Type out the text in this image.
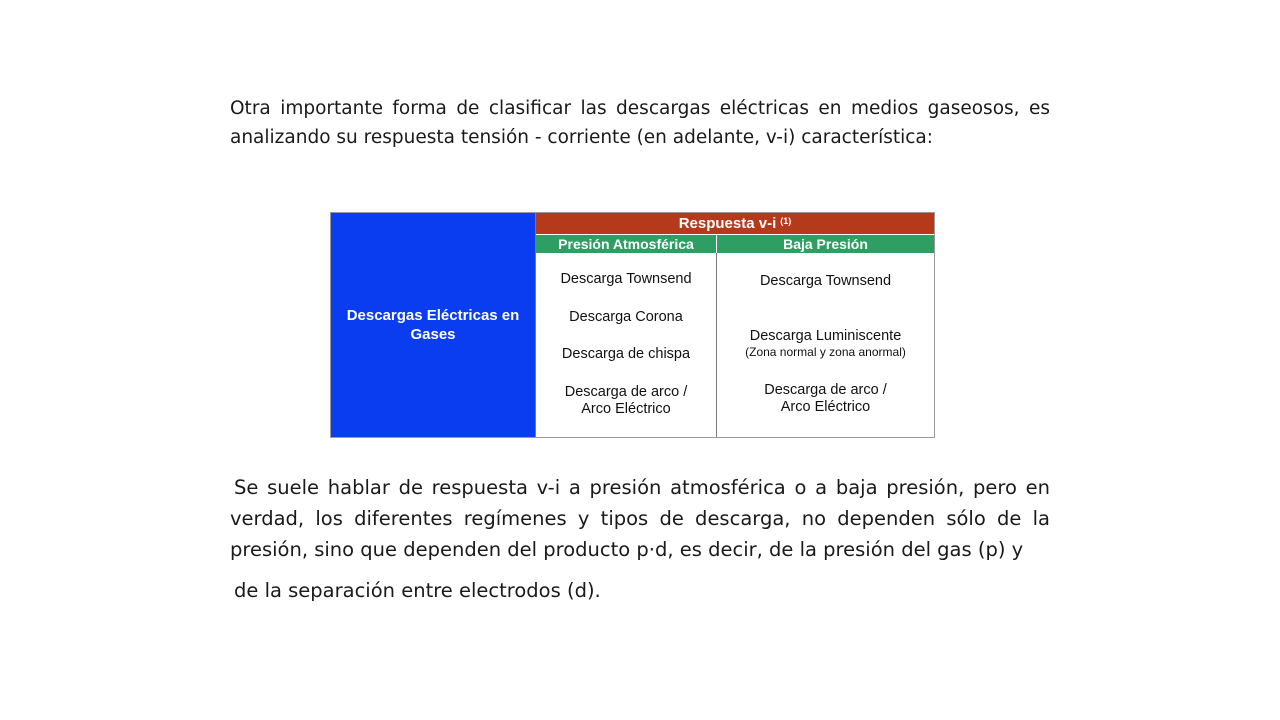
Otra importante forma de clasificar las descargas eléctricas en medios gaseosos, es analizando su respuesta tensión - corriente (en adelante, v-i) característica:

Descargas Eléctricas en Gases
Respuesta v-i $^{(1)}$
Presión Atmosférica	Baja Presión
Descarga Townsend
Descarga Corona
Descarga de chispa
Descarga de arco / Arco Eléctrico
Descarga Townsend
Descarga Luminiscente
(Zona normal y zona anormal)
Descarga de arco / Arco Eléctrico

Se suele hablar de respuesta v-i a presión atmosférica o a baja presión, pero en verdad, los diferentes regímenes y tipos de descarga, no dependen sólo de la presión, sino que dependen del producto p·d, es decir, de la presión del gas (p) y
de la separación entre electrodos (d).
